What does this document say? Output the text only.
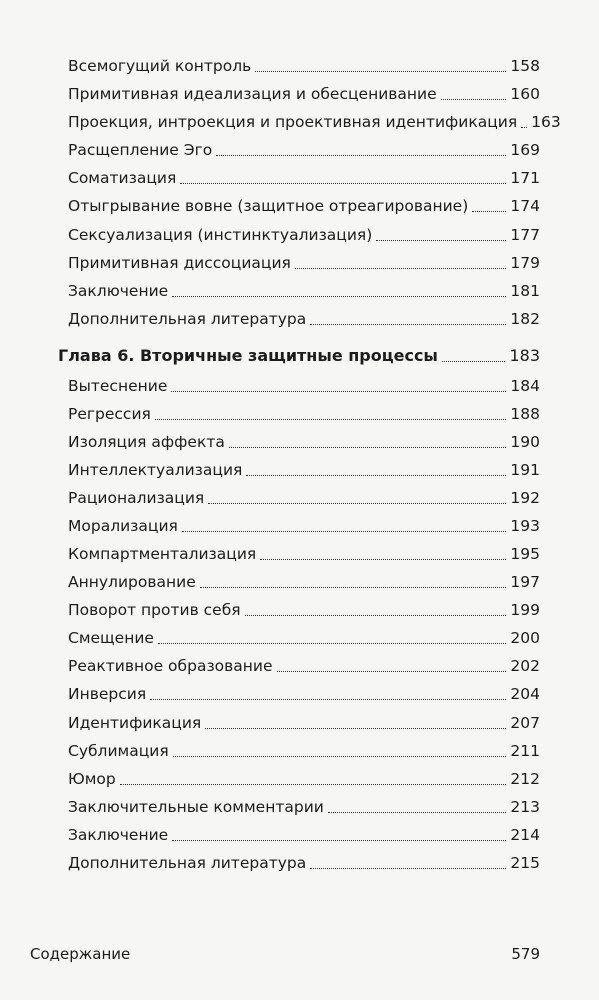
Всемогущий контроль	158
Примитивная идеализация и обесценивание	160
Проекция, интроекция и проективная идентификация 163
Расщепление Эго	169
Соматизация	171
Отыгрывание вовне (защитное отреагирование)	174
Сексуализация (инстинктуализация)	177
Примитивная диссоциация	179
Заключение	181
Дополнительная литература	182
Глава 6. Вторичные защитные процессы	183
Вытеснение	184
Регрессия	188
Изоляция аффекта	190
Интеллектуализация	191
Рационализация	192
Морализация	193
Компартментализация	195
Аннулирование	197
Поворот против себя	199
Смещение	200
Реактивное образование	202
Инверсия	204
Идентификация	207
Сублимация	211
Юмор	212
Заключительные комментарии	213
Заключение	214
Дополнительная литература	215
Содержание	579
